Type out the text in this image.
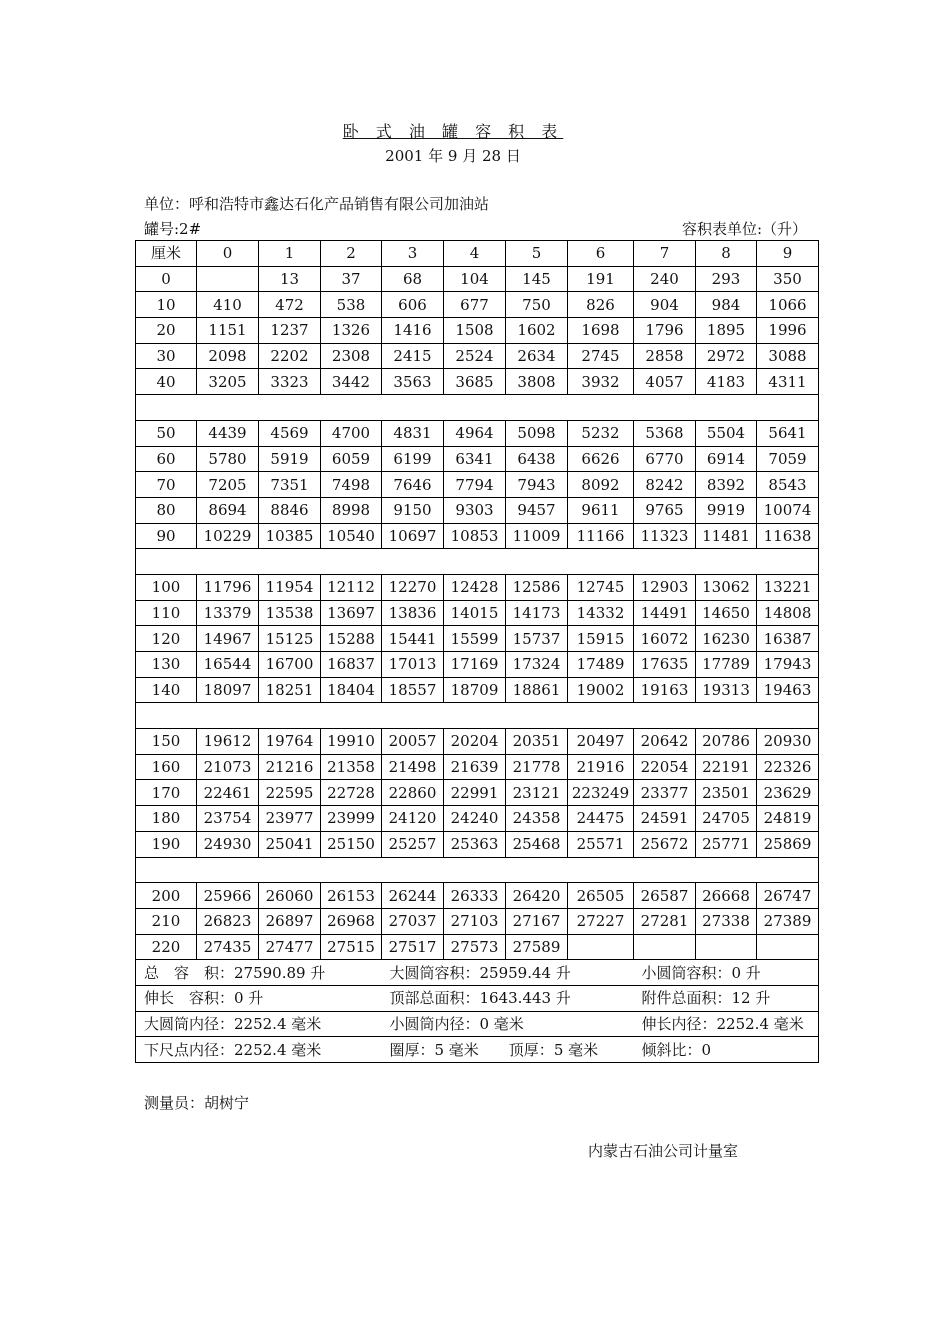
卧 式 油 罐 容 积 表
2001 年 9 月 28 日
单位：呼和浩特市鑫达石化产品销售有限公司加油站
罐号:2#	容积表单位:（升）
厘米	0	1	2	3	4	5	6	7	8	9
0		13	37	68	104	145	191	240	293	350
10	410	472	538	606	677	750	826	904	984	1066
20	1151	1237	1326	1416	1508	1602	1698	1796	1895	1996
30	2098	2202	2308	2415	2524	2634	2745	2858	2972	3088
40	3205	3323	3442	3563	3685	3808	3932	4057	4183	4311

50	4439	4569	4700	4831	4964	5098	5232	5368	5504	5641
60	5780	5919	6059	6199	6341	6438	6626	6770	6914	7059
70	7205	7351	7498	7646	7794	7943	8092	8242	8392	8543
80	8694	8846	8998	9150	9303	9457	9611	9765	9919	10074
90	10229	10385	10540	10697	10853	11009	11166	11323	11481	11638

100	11796	11954	12112	12270	12428	12586	12745	12903	13062	13221
110	13379	13538	13697	13836	14015	14173	14332	14491	14650	14808
120	14967	15125	15288	15441	15599	15737	15915	16072	16230	16387
130	16544	16700	16837	17013	17169	17324	17489	17635	17789	17943
140	18097	18251	18404	18557	18709	18861	19002	19163	19313	19463

150	19612	19764	19910	20057	20204	20351	20497	20642	20786	20930
160	21073	21216	21358	21498	21639	21778	21916	22054	22191	22326
170	22461	22595	22728	22860	22991	23121	223249	23377	23501	23629
180	23754	23977	23999	24120	24240	24358	24475	24591	24705	24819
190	24930	25041	25150	25257	25363	25468	25571	25672	25771	25869

200	25966	26060	26153	26244	26333	26420	26505	26587	26668	26747
210	26823	26897	26968	27037	27103	27167	27227	27281	27338	27389
220	27435	27477	27515	27517	27573	27589				
总　容　积：27590.89 升				大圆筒容积：25959.44 升				小圆筒容积：0 升		
伸长　容积：0 升				顶部总面积：1643.443 升				附件总面积：12 升		
大圆筒内径：2252.4 毫米				小圆筒内径：0 毫米				伸长内径：2252.4 毫米		
下尺点内径：2252.4 毫米				圈厚：5 毫米　　顶厚：5 毫米				倾斜比：0		
测量员：胡树宁
内蒙古石油公司计量室
